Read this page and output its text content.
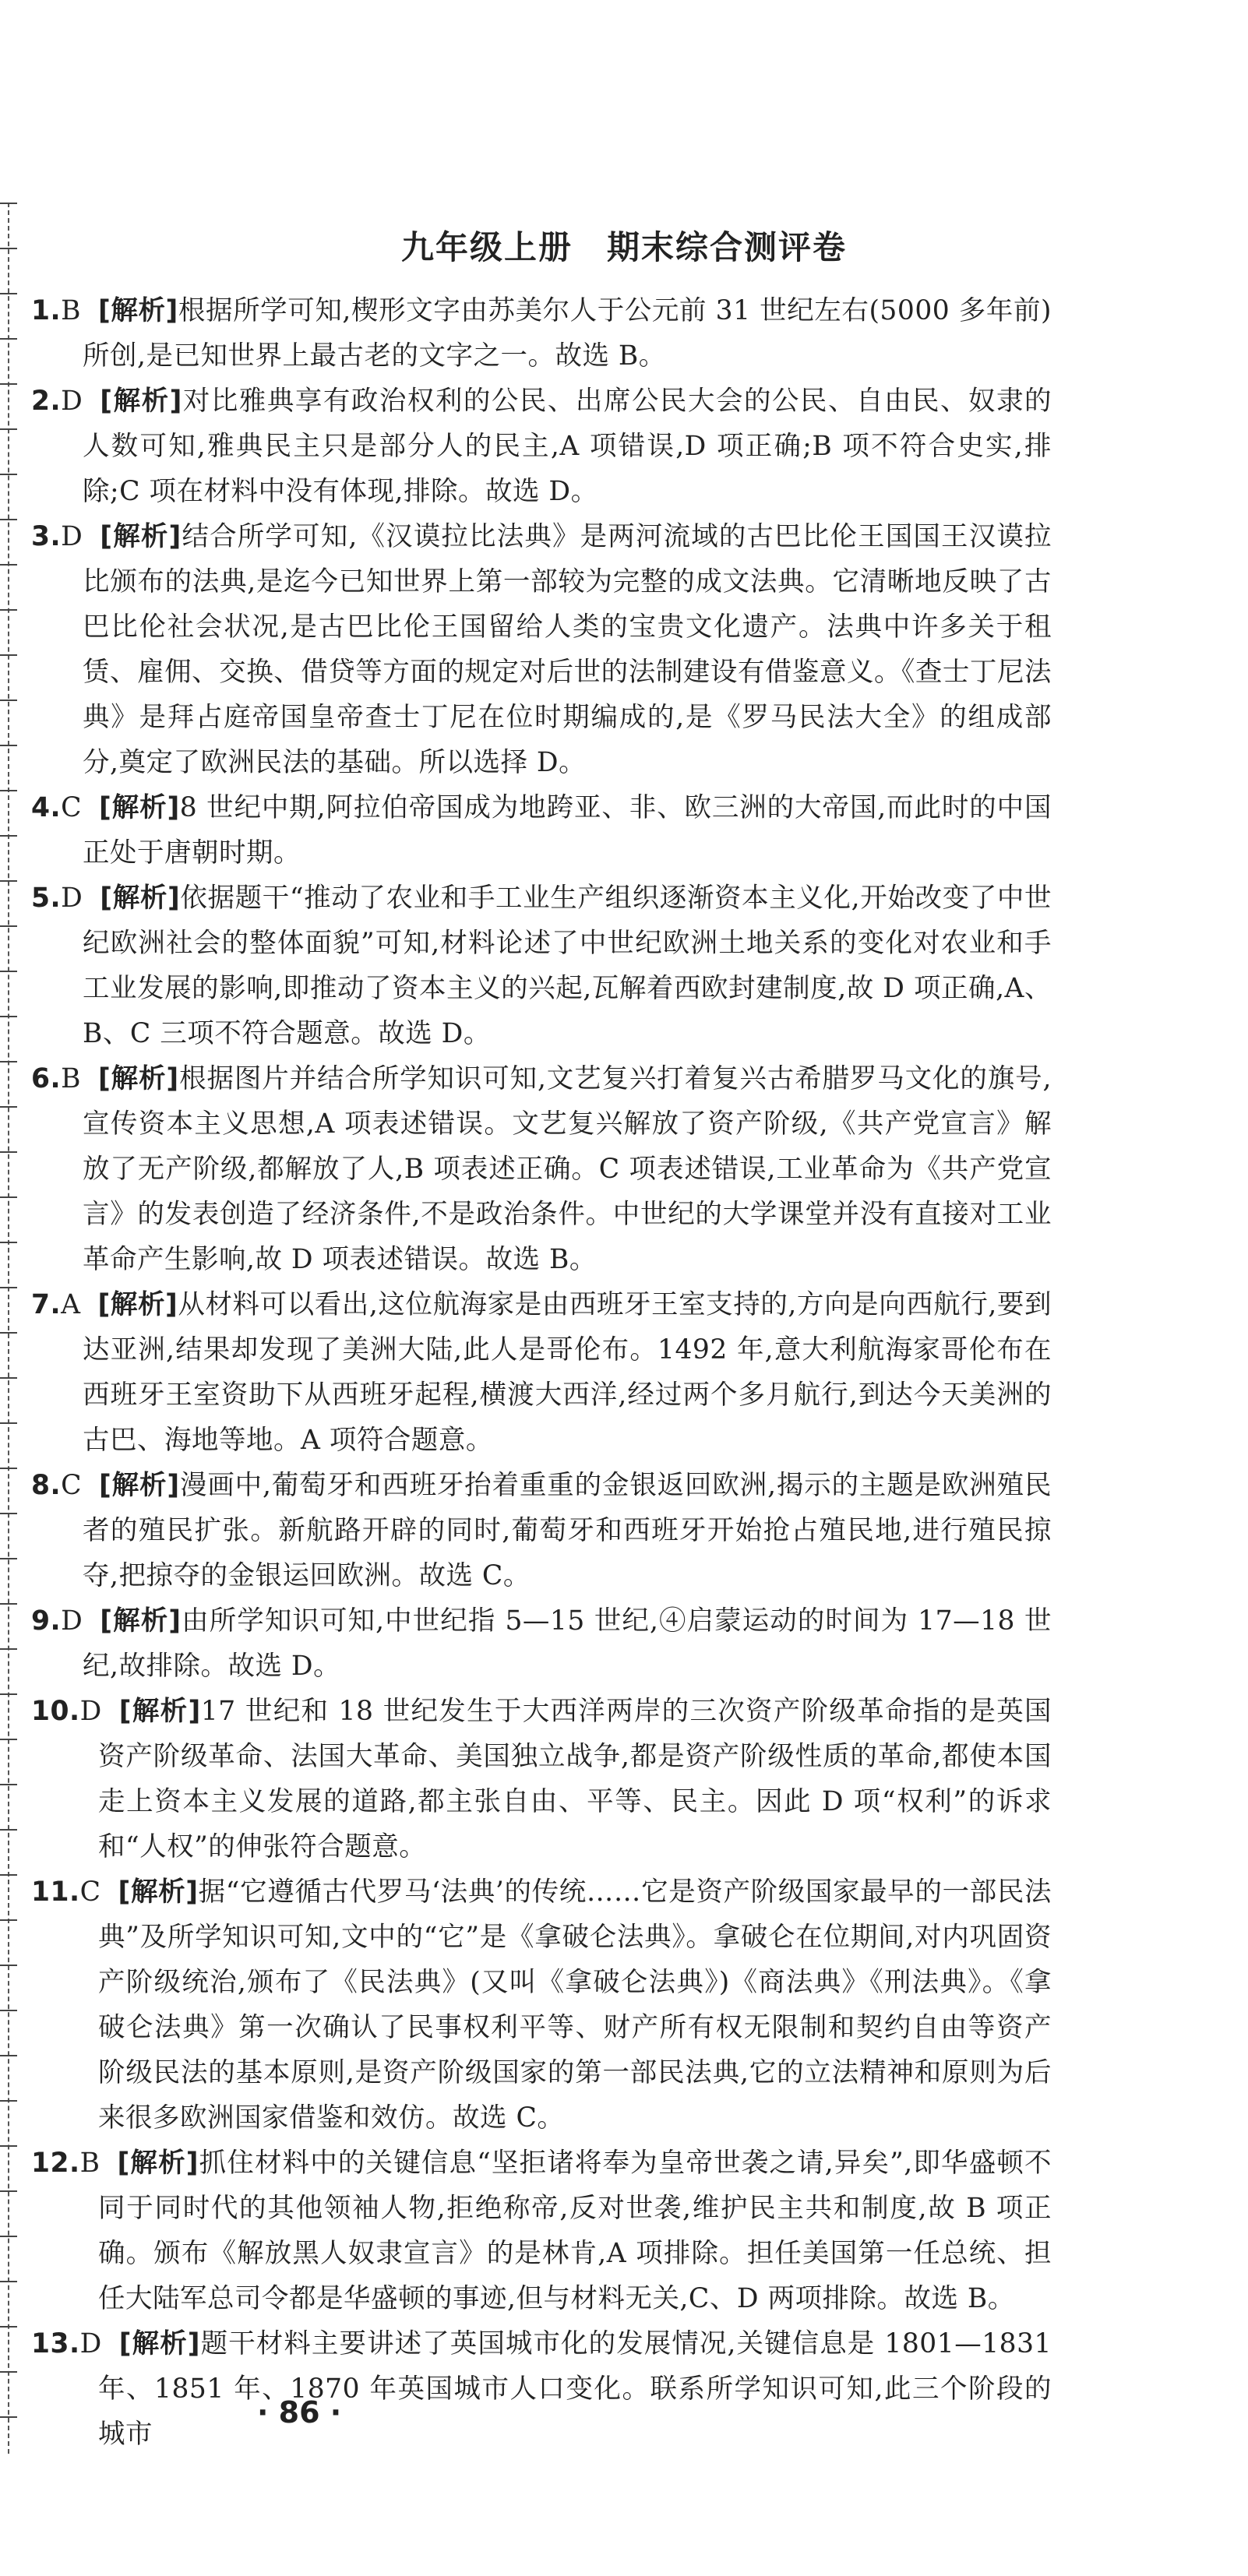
九年级上册　期末综合测评卷

1.B [ 解析 ] 根据所学可知,楔形文字由苏美尔人于公元前 31 世纪左右(5000 多年前)所创,是已知世界上最古老的文字之一。故选 B。

2.D [ 解析 ] 对比雅典享有政治权利的公民、出席公民大会的公民、自由民、奴隶的人数可知,雅典民主只是部分人的民主,A 项错误,D 项正确;B 项不符合史实,排除;C 项在材料中没有体现,排除。故选 D。

3.D [ 解析 ] 结合所学可知,《汉谟拉比法典》是两河流域的古巴比伦王国国王汉谟拉比颁布的法典,是迄今已知世界上第一部较为完整的成文法典。它清晰地反映了古巴比伦社会状况,是古巴比伦王国留给人类的宝贵文化遗产。法典中许多关于租赁、雇佣、交换、借贷等方面的规定对后世的法制建设有借鉴意义。《查士丁尼法典》是拜占庭帝国皇帝查士丁尼在位时期编成的,是《罗马民法大全》的组成部分,奠定了欧洲民法的基础。所以选择 D。

4.C [ 解析 ] 8 世纪中期,阿拉伯帝国成为地跨亚、非、欧三洲的大帝国,而此时的中国正处于唐朝时期。

5.D [ 解析 ] 依据题干“推动了农业和手工业生产组织逐渐资本主义化,开始改变了中世纪欧洲社会的整体面貌”可知,材料论述了中世纪欧洲土地关系的变化对农业和手工业发展的影响,即推动了资本主义的兴起,瓦解着西欧封建制度,故 D 项正确,A、B、C 三项不符合题意。故选 D。

6.B [ 解析 ] 根据图片并结合所学知识可知,文艺复兴打着复兴古希腊罗马文化的旗号,宣传资本主义思想,A 项表述错误。文艺复兴解放了资产阶级,《共产党宣言》解放了无产阶级,都解放了人,B 项表述正确。C 项表述错误,工业革命为《共产党宣言》的发表创造了经济条件,不是政治条件。中世纪的大学课堂并没有直接对工业革命产生影响,故 D 项表述错误。故选 B。

7.A [ 解析 ] 从材料可以看出,这位航海家是由西班牙王室支持的,方向是向西航行,要到达亚洲,结果却发现了美洲大陆,此人是哥伦布。1492 年,意大利航海家哥伦布在西班牙王室资助下从西班牙起程,横渡大西洋,经过两个多月航行,到达今天美洲的古巴、海地等地。A 项符合题意。

8.C [ 解析 ] 漫画中,葡萄牙和西班牙抬着重重的金银返回欧洲,揭示的主题是欧洲殖民者的殖民扩张。新航路开辟的同时,葡萄牙和西班牙开始抢占殖民地,进行殖民掠夺,把掠夺的金银运回欧洲。故选 C。

9.D [ 解析 ] 由所学知识可知,中世纪指 5—15 世纪,④启蒙运动的时间为 17—18 世纪,故排除。故选 D。

10.D [ 解析 ] 17 世纪和 18 世纪发生于大西洋两岸的三次资产阶级革命指的是英国资产阶级革命、法国大革命、美国独立战争,都是资产阶级性质的革命,都使本国走上资本主义发展的道路,都主张自由、平等、民主。因此 D 项“权利”的诉求和“人权”的伸张符合题意。

11.C [ 解析 ] 据“它遵循古代罗马‘法典’的传统……它是资产阶级国家最早的一部民法典”及所学知识可知,文中的“它”是《拿破仑法典》。拿破仑在位期间,对内巩固资产阶级统治,颁布了《民法典》(又叫《拿破仑法典》)《商法典》《刑法典》。《拿破仑法典》第一次确认了民事权利平等、财产所有权无限制和契约自由等资产阶级民法的基本原则,是资产阶级国家的第一部民法典,它的立法精神和原则为后来很多欧洲国家借鉴和效仿。故选 C。

12.B [ 解析 ] 抓住材料中的关键信息“坚拒诸将奉为皇帝世袭之请,异矣”,即华盛顿不同于同时代的其他领袖人物,拒绝称帝,反对世袭,维护民主共和制度,故 B 项正确。颁布《解放黑人奴隶宣言》的是林肯,A 项排除。担任美国第一任总统、担任大陆军总司令都是华盛顿的事迹,但与材料无关,C、D 两项排除。故选 B。

13.D [ 解析 ] 题干材料主要讲述了英国城市化的发展情况,关键信息是 1801—1831 年、1851 年、1870 年英国城市人口变化。联系所学知识可知,此三个阶段的城市

· 86 ·
